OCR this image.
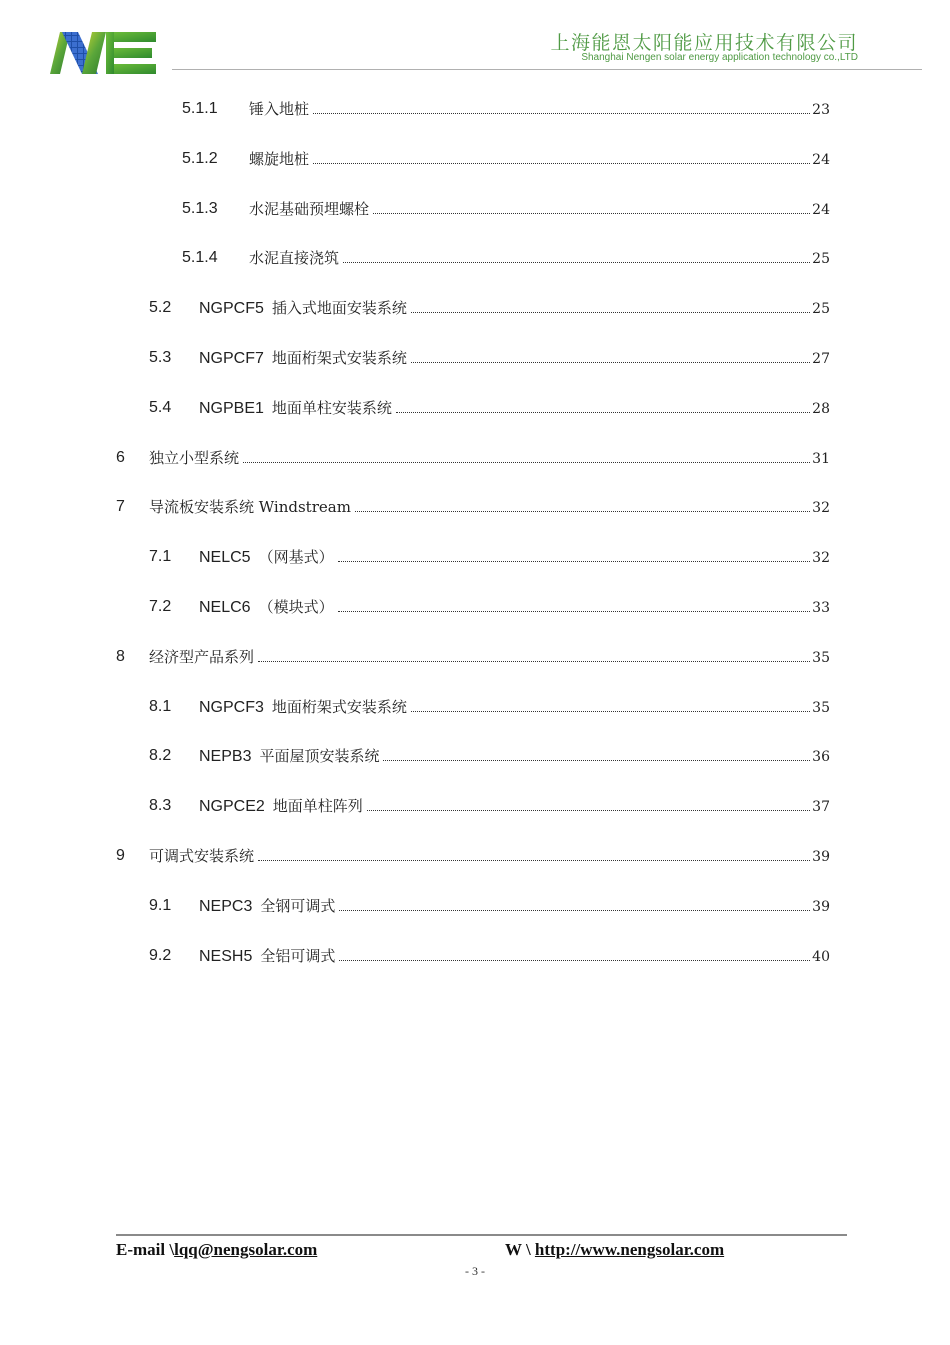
上海能恩太阳能应用技术有限公司
Shanghai Nengen solar energy application technology co.,LTD
5.1.1 锤入地桩	23
5.1.2 螺旋地桩	24
5.1.3 水泥基础预埋螺栓	24
5.1.4 水泥直接浇筑	25
5.2 NGPCF5 插入式地面安装系统	25
5.3 NGPCF7 地面桁架式安装系统	27
5.4 NGPBE1 地面单柱安装系统	28
6 独立小型系统	31
7 导流板安装系统 Windstream	32
7.1 NELC5 （网基式）	32
7.2 NELC6 （模块式）	33
8 经济型产品系列	35
8.1 NGPCF3 地面桁架式安装系统	35
8.2 NEPB3 平面屋顶安装系统	36
8.3 NGPCE2 地面单柱阵列	37
9 可调式安装系统	39
9.1 NEPC3 全钢可调式	39
9.2 NESH5 全铝可调式	40
E-mail \lqq@nengsolar.com	W \ http://www.nengsolar.com
- 3 -
